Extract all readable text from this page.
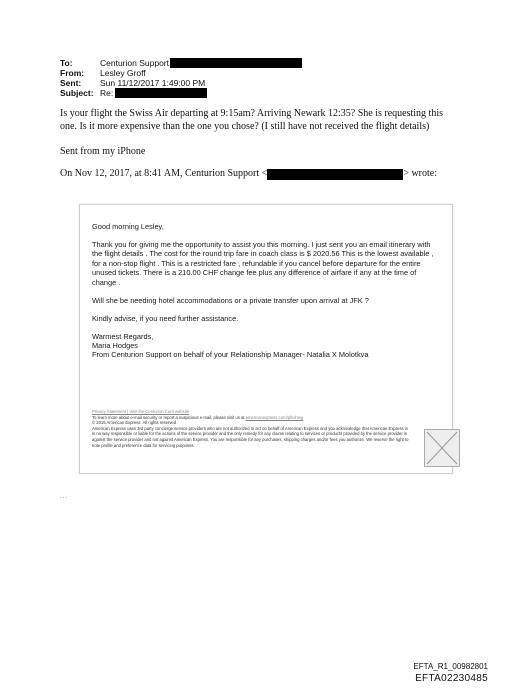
To:	Centurion Support
From:	Lesley Groff
Sent:	Sun 11/12/2017 1:49:00 PM
Subject: Re:
Is your flight the Swiss Air departing at 9:15am? Arriving Newark 12:35? She is requesting this one. Is it more expensive than the one you chose? (I still have not received the flight details)
Sent from my iPhone
On Nov 12, 2017, at 8:41 AM, Centurion Support <	> wrote:

Good morning Lesley,

Thank you for giving me the opportunity to assist you this morning. I just sent you an email itinerary with the flight details . The cost for the round trip fare in coach class is $ 2020.56 This is the lowest available , for a non-stop flight . This is a restricted fare , refundable if you cancel before departure for the entire unused tickets. There is a 210.00 CHF change fee plus any difference of airfare if any at the time of change .

Will she be needing hotel accommodations or a private transfer upon arrival at JFK ?

Kindly advise, if you need further assistance.

Warmest Regards,
Maria Hodges
From Centurion Support on behalf of your Relationship Manager- Natalia X Molotkva
Privacy Statement | Visit the Centurion Card website
To learn more about e-mail security or report a suspicious e-mail, please visit us at americanexpress.com/phishing
© 2015 American Express. All rights reserved
American Express uses 3rd party concierge service providers who are not authorized to act on behalf of American Express and you acknowledge that American Express is in no way responsible or liable for the actions of the service provider and the only remedy for any claims relating to services or products provided by the service provider is against the service provider and not against American Express. You are responsible for any purchases, shipping charges and/or fees you authorize. We reserve the right to note profile and preference data for servicing purposes.
...
EFTA_R1_00982801
EFTA02230485
